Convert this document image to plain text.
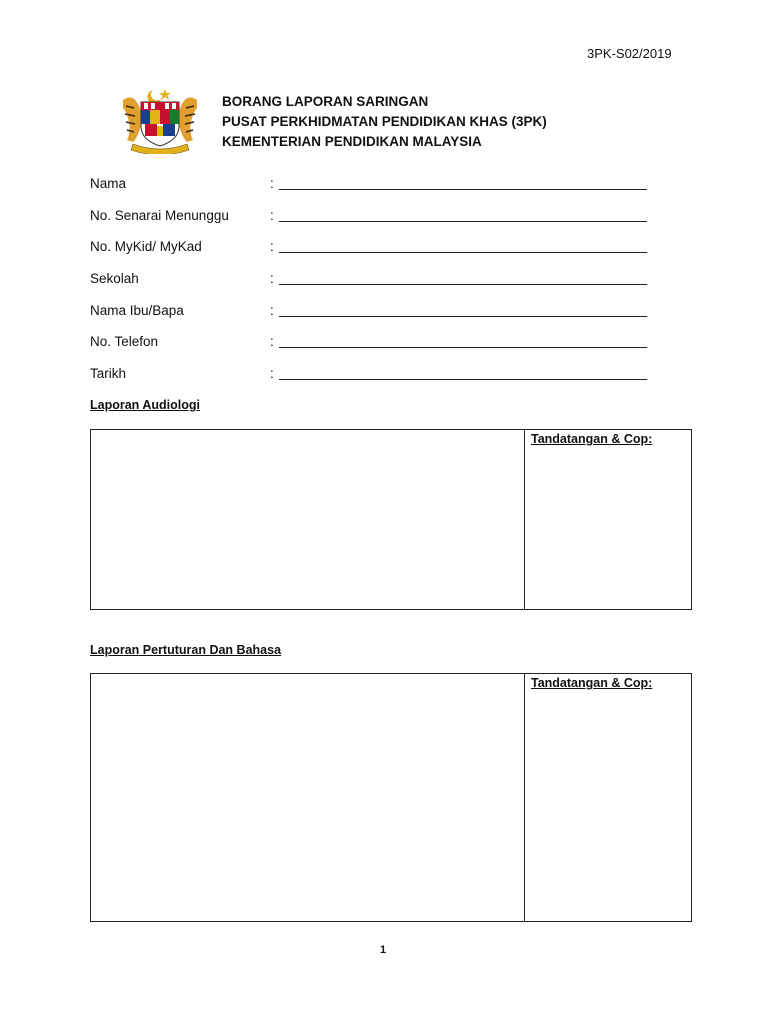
3PK-S02/2019
BORANG LAPORAN SARINGAN
PUSAT PERKHIDMATAN PENDIDIKAN KHAS (3PK)
KEMENTERIAN PENDIDIKAN MALAYSIA
Nama	:
No. Senarai Menunggu	:
No. MyKid/ MyKad	:
Sekolah	:
Nama Ibu/Bapa	:
No. Telefon	:
Tarikh	:
Laporan Audiologi
Tandatangan & Cop:
Laporan Pertuturan Dan Bahasa
Tandatangan & Cop:
1
